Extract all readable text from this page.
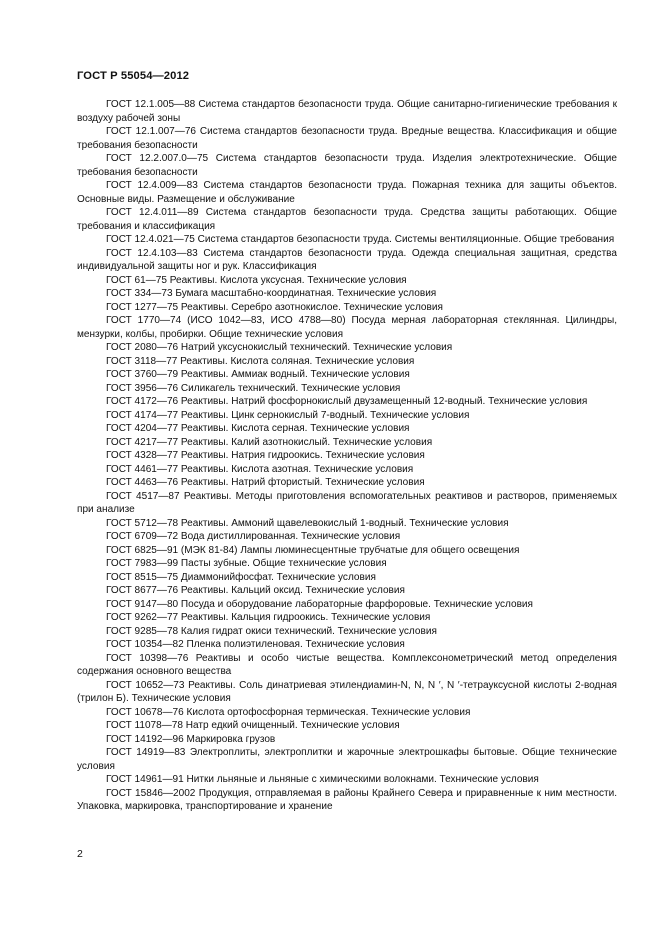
ГОСТ Р 55054—2012

ГОСТ 12.1.005—88 Система стандартов безопасности труда. Общие санитарно-гигиенические требования к воздуху рабочей зоны

ГОСТ 12.1.007—76 Система стандартов безопасности труда. Вредные вещества. Классификация и общие требования безопасности

ГОСТ 12.2.007.0—75 Система стандартов безопасности труда. Изделия электротехнические. Общие требования безопасности

ГОСТ 12.4.009—83 Система стандартов безопасности труда. Пожарная техника для защиты объектов. Основные виды. Размещение и обслуживание

ГОСТ 12.4.011—89 Система стандартов безопасности труда. Средства защиты работающих. Общие требования и классификация

ГОСТ 12.4.021—75 Система стандартов безопасности труда. Системы вентиляционные. Общие требования

ГОСТ 12.4.103—83 Система стандартов безопасности труда. Одежда специальная защитная, средства индивидуальной защиты ног и рук. Классификация

ГОСТ 61—75 Реактивы. Кислота уксусная. Технические условия

ГОСТ 334—73 Бумага масштабно-координатная. Технические условия

ГОСТ 1277—75 Реактивы. Серебро азотнокислое. Технические условия

ГОСТ 1770—74 (ИСО 1042—83, ИСО 4788—80) Посуда мерная лабораторная стеклянная. Цилиндры, мензурки, колбы, пробирки. Общие технические условия

ГОСТ 2080—76 Натрий уксуснокислый технический. Технические условия

ГОСТ 3118—77 Реактивы. Кислота соляная. Технические условия

ГОСТ 3760—79 Реактивы. Аммиак водный. Технические условия

ГОСТ 3956—76 Силикагель технический. Технические условия

ГОСТ 4172—76 Реактивы. Натрий фосфорнокислый двузамещенный 12-водный. Технические условия

ГОСТ 4174—77 Реактивы. Цинк сернокислый 7-водный. Технические условия

ГОСТ 4204—77 Реактивы. Кислота серная. Технические условия

ГОСТ 4217—77 Реактивы. Калий азотнокислый. Технические условия

ГОСТ 4328—77 Реактивы. Натрия гидроокись. Технические условия

ГОСТ 4461—77 Реактивы. Кислота азотная. Технические условия

ГОСТ 4463—76 Реактивы. Натрий фтористый. Технические условия

ГОСТ 4517—87 Реактивы. Методы приготовления вспомогательных реактивов и растворов, применяемых при анализе

ГОСТ 5712—78 Реактивы. Аммоний щавелевокислый 1-водный. Технические условия

ГОСТ 6709—72 Вода дистиллированная. Технические условия

ГОСТ 6825—91 (МЭК 81-84) Лампы люминесцентные трубчатые для общего освещения

ГОСТ 7983—99 Пасты зубные. Общие технические условия

ГОСТ 8515—75 Диаммонийфосфат. Технические условия

ГОСТ 8677—76 Реактивы. Кальций оксид. Технические условия

ГОСТ 9147—80 Посуда и оборудование лабораторные фарфоровые. Технические условия

ГОСТ 9262—77 Реактивы. Кальция гидроокись. Технические условия

ГОСТ 9285—78 Калия гидрат окиси технический. Технические условия

ГОСТ 10354—82 Пленка полиэтиленовая. Технические условия

ГОСТ 10398—76 Реактивы и особо чистые вещества. Комплексонометрический метод определения содержания основного вещества

ГОСТ 10652—73 Реактивы. Соль динатриевая этилендиамин-N, N, N ′, N ′-тетрауксусной кислоты 2-водная (трилон Б). Технические условия

ГОСТ 10678—76 Кислота ортофосфорная термическая. Технические условия

ГОСТ 11078—78 Натр едкий очищенный. Технические условия

ГОСТ 14192—96 Маркировка грузов

ГОСТ 14919—83 Электроплиты, электроплитки и жарочные электрошкафы бытовые. Общие технические условия

ГОСТ 14961—91 Нитки льняные и льняные с химическими волокнами. Технические условия

ГОСТ 15846—2002 Продукция, отправляемая в районы Крайнего Севера и приравненные к ним местности. Упаковка, маркировка, транспортирование и хранение

2
